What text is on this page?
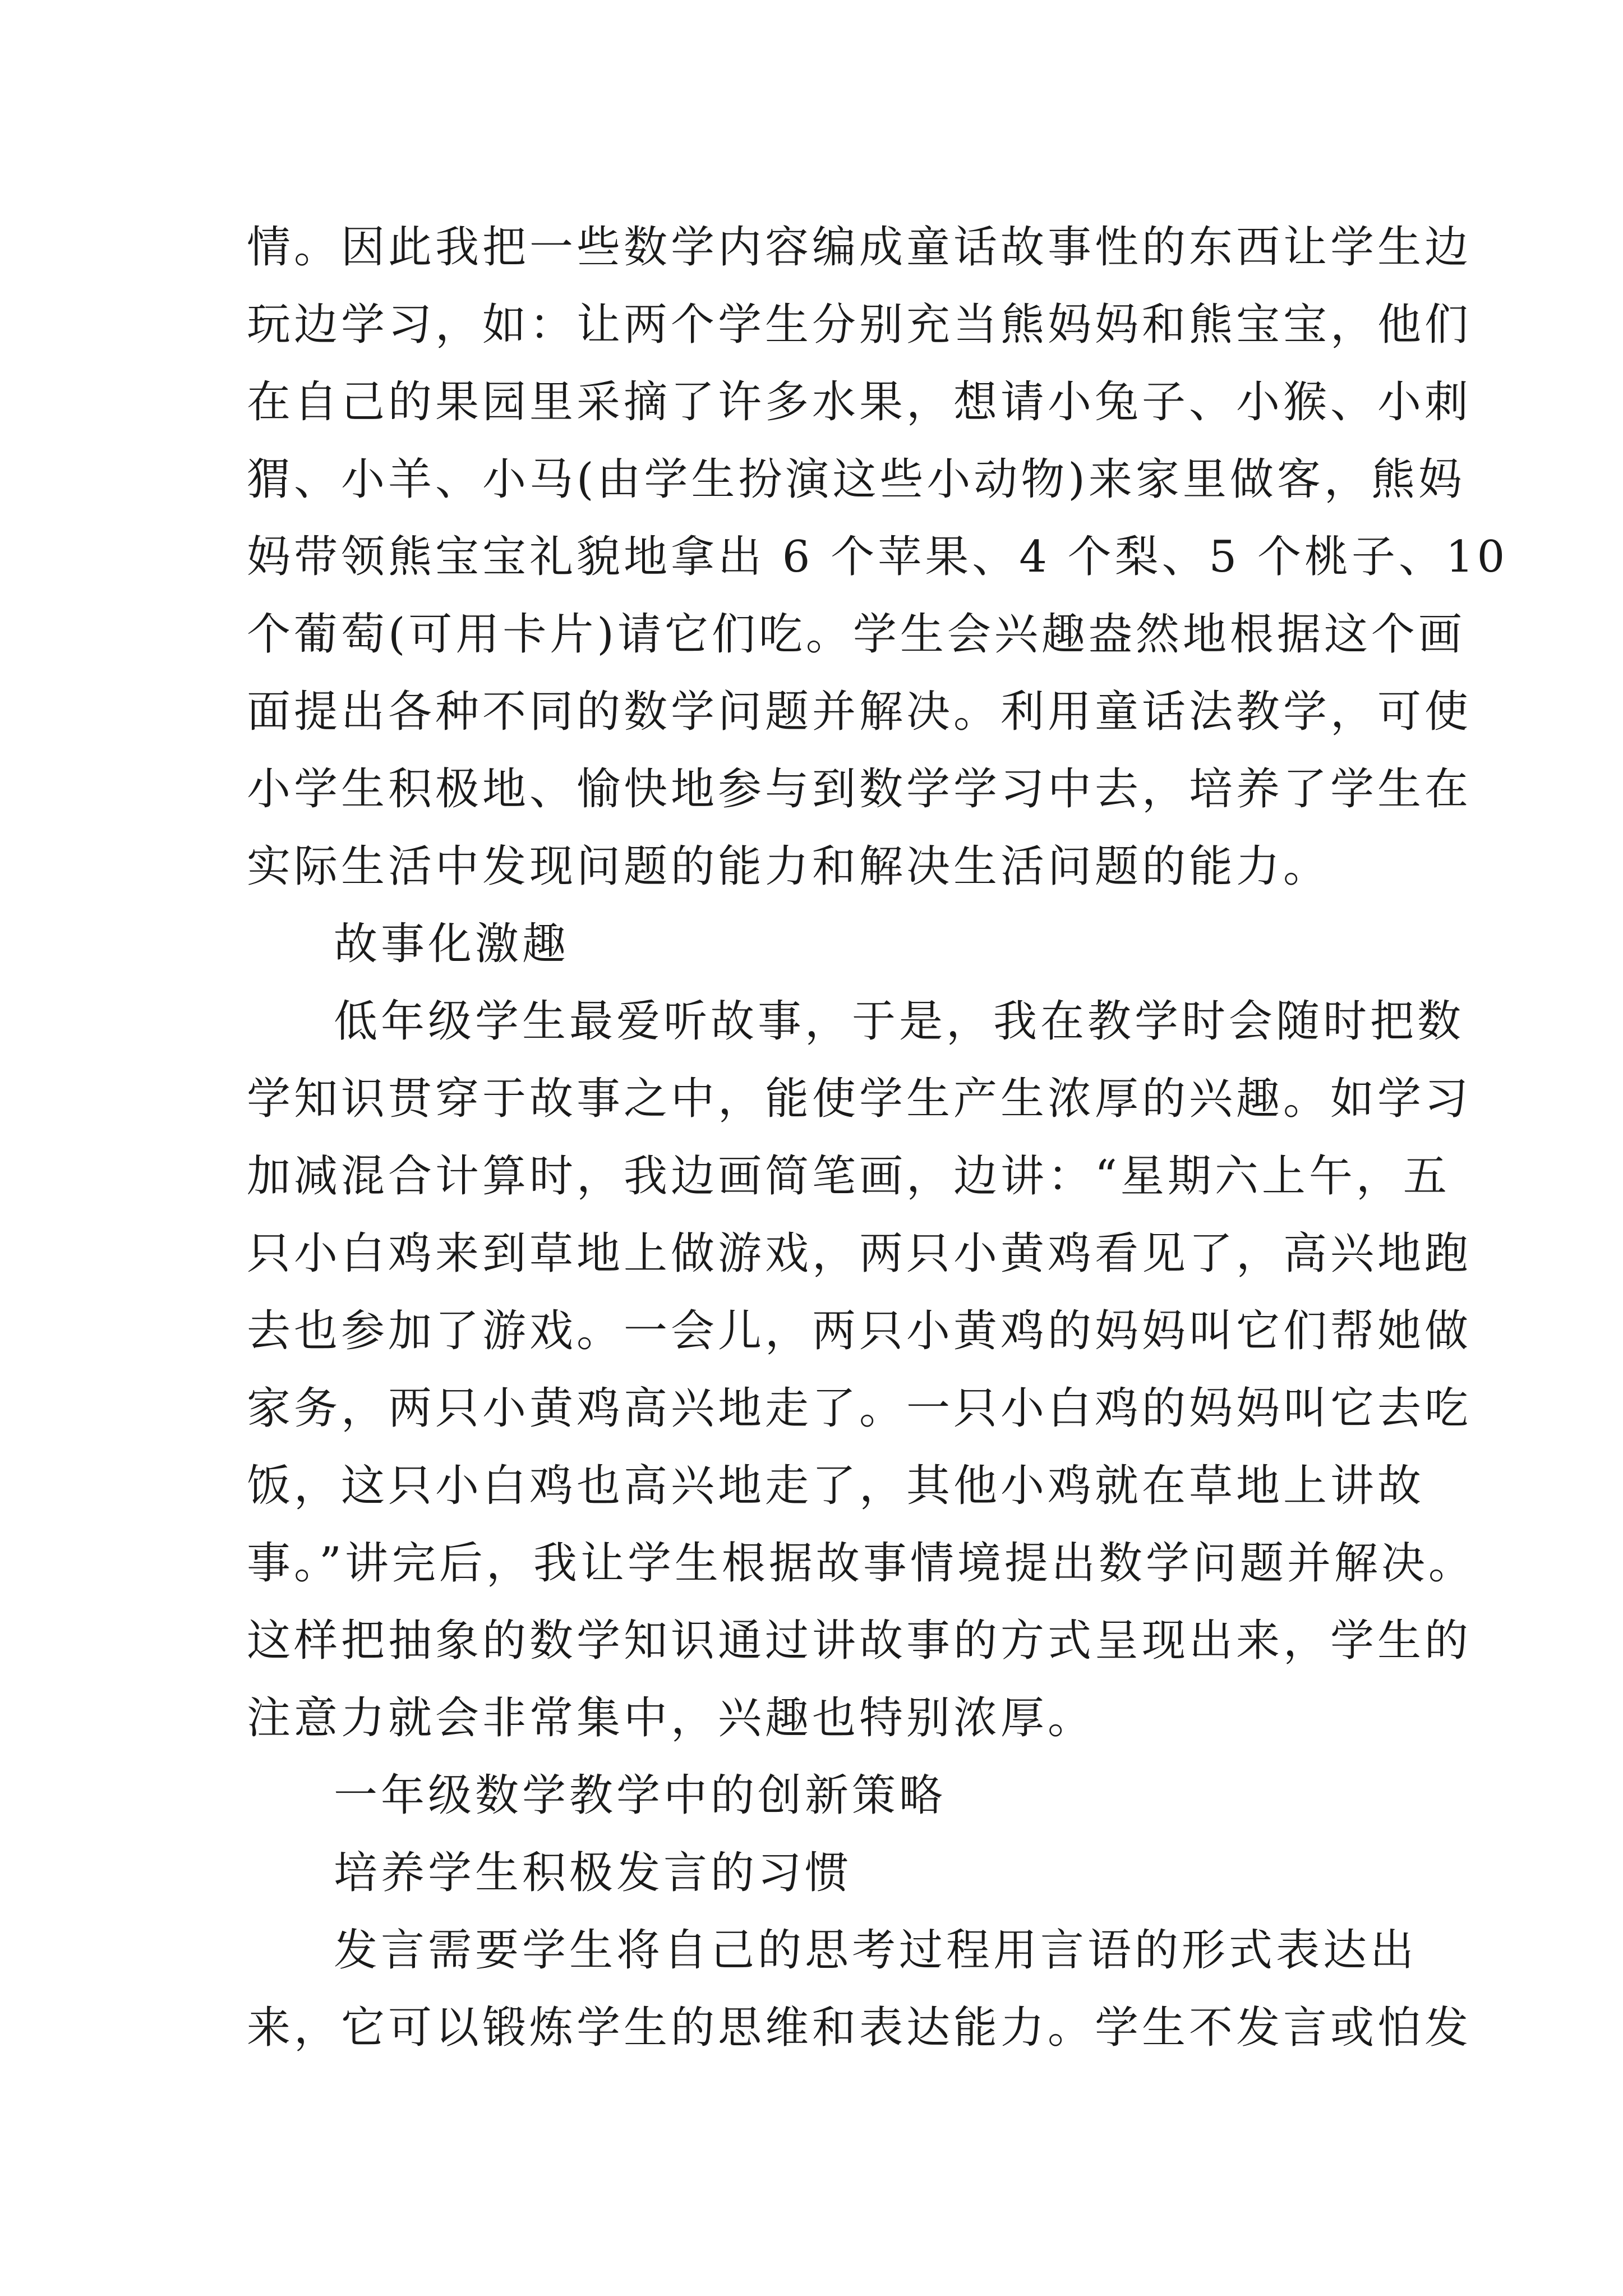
情。因此我把一些数学内容编成童话故事性的东西让学生边
玩边学习，如：让两个学生分别充当熊妈妈和熊宝宝，他们
在自己的果园里采摘了许多水果，想请小兔子、小猴、小刺
猬、小羊、小马(由学生扮演这些小动物)来家里做客，熊妈
妈带领熊宝宝礼貌地拿出 6 个苹果、4 个梨、5 个桃子、10
个葡萄(可用卡片)请它们吃。学生会兴趣盎然地根据这个画
面提出各种不同的数学问题并解决。利用童话法教学，可使
小学生积极地、愉快地参与到数学学习中去，培养了学生在
实际生活中发现问题的能力和解决生活问题的能力。
故事化激趣
低年级学生最爱听故事，于是，我在教学时会随时把数
学知识贯穿于故事之中，能使学生产生浓厚的兴趣。如学习
加减混合计算时，我边画简笔画，边讲：“星期六上午，五
只小白鸡来到草地上做游戏，两只小黄鸡看见了，高兴地跑
去也参加了游戏。一会儿，两只小黄鸡的妈妈叫它们帮她做
家务，两只小黄鸡高兴地走了。一只小白鸡的妈妈叫它去吃
饭，这只小白鸡也高兴地走了，其他小鸡就在草地上讲故
事。”讲完后，我让学生根据故事情境提出数学问题并解决。
这样把抽象的数学知识通过讲故事的方式呈现出来，学生的
注意力就会非常集中，兴趣也特别浓厚。
一年级数学教学中的创新策略
培养学生积极发言的习惯
发言需要学生将自己的思考过程用言语的形式表达出
来，它可以锻炼学生的思维和表达能力。学生不发言或怕发
